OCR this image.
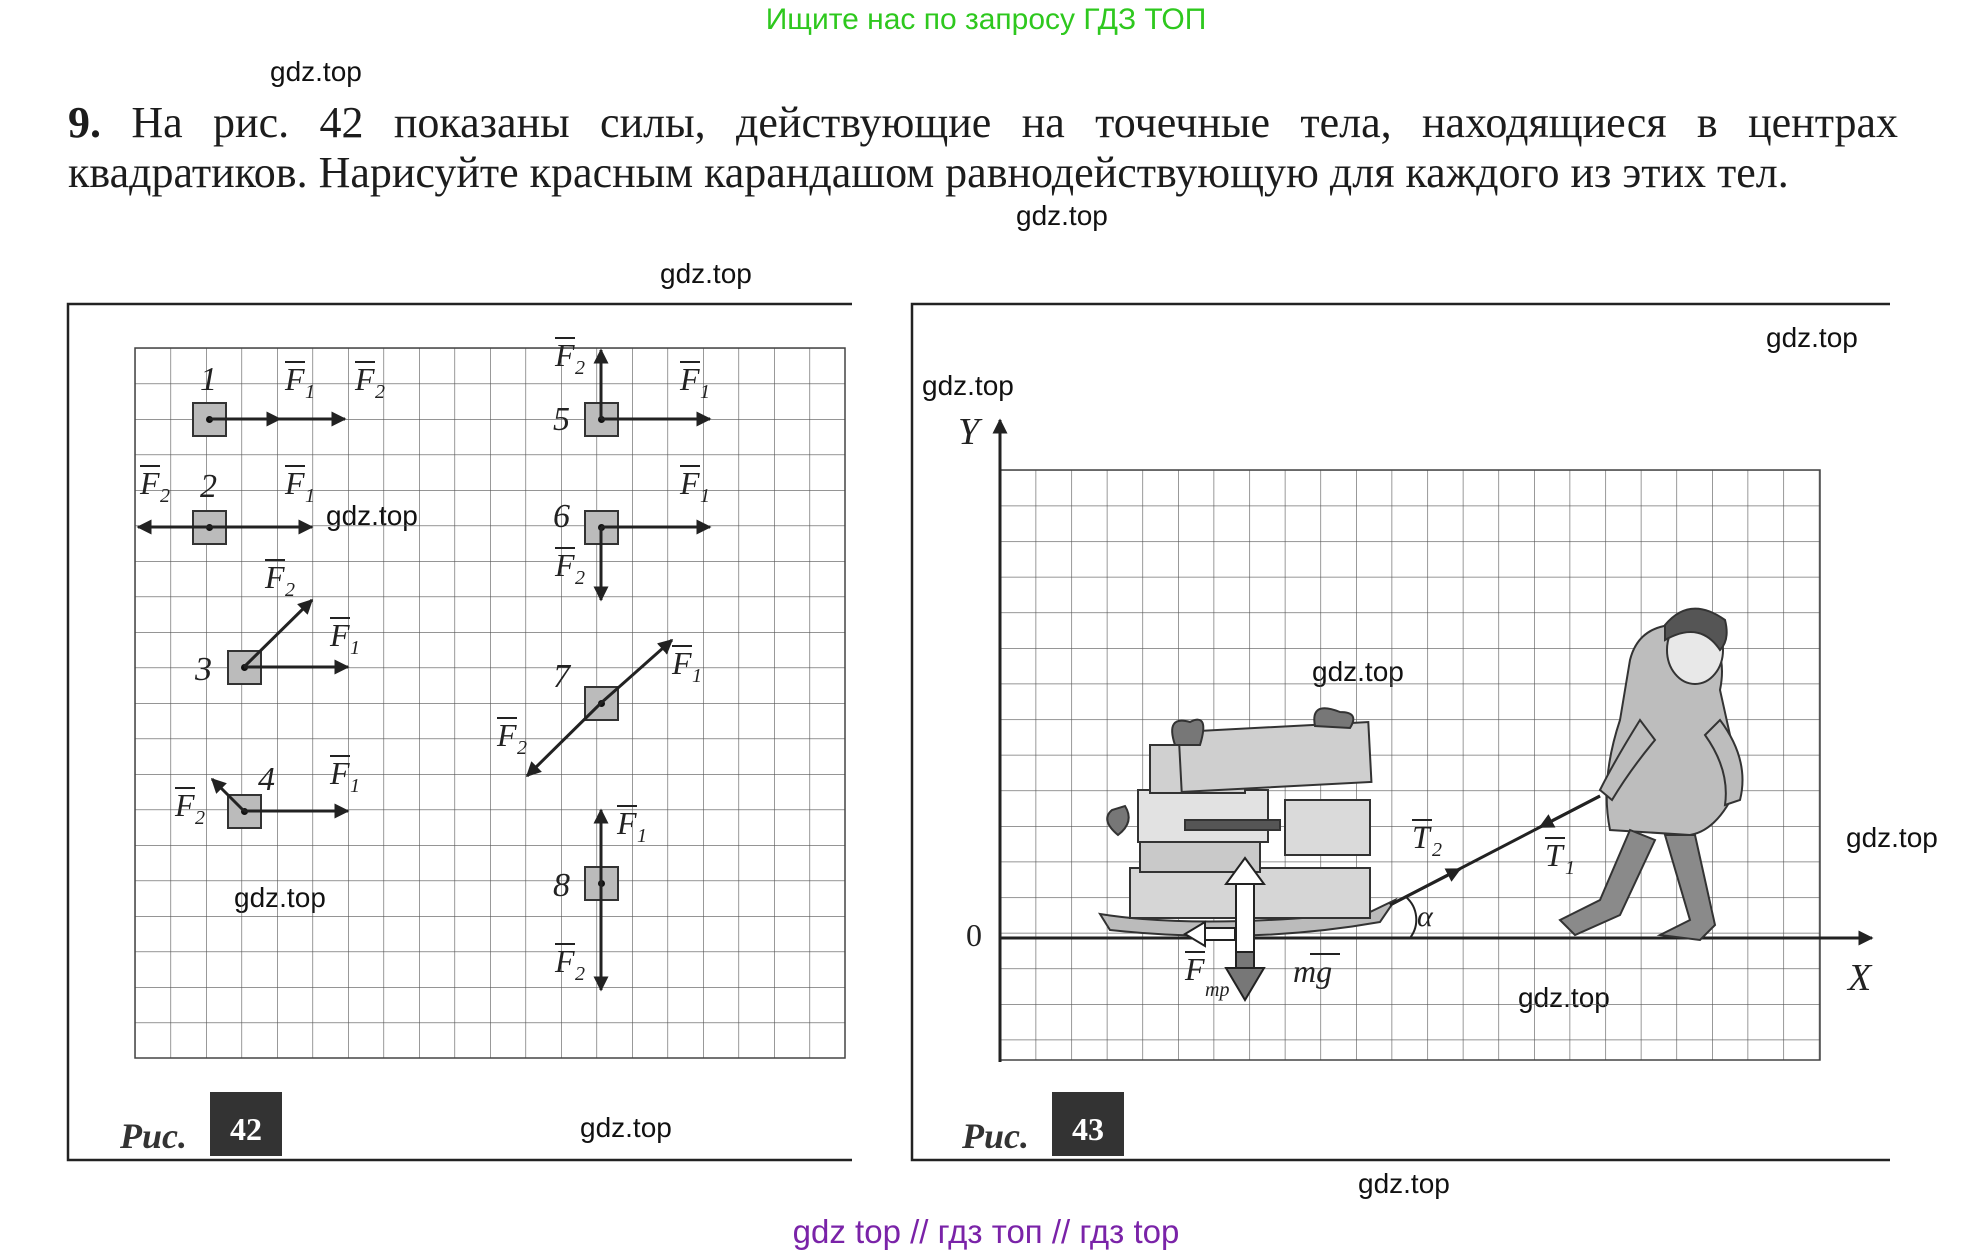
Ищите нас по запросу ГДЗ ТОП
9. На рис. 42 показаны силы, действующие на точечные тела, находящиеся в центрах квадратиков. Нарисуйте красным карандашом равнодействующую для каждого из этих тел.
gdz.top
gdz.top
gdz.top
gdz.top
gdz.top
gdz.top
gdz.top
gdz.top
gdz top // гдз топ // гдз top
1
2
3
4
5
6
7
8
F 1 F 2
F 2	F 1
F 2
F 1
F 2
F 1
F 2	F 1
F 1
F 2
F 1
F 2
F 1
F 2
Рис. 42
Y
X
0
T 2	T 1
α
F
тр
mg
Рис. 43
